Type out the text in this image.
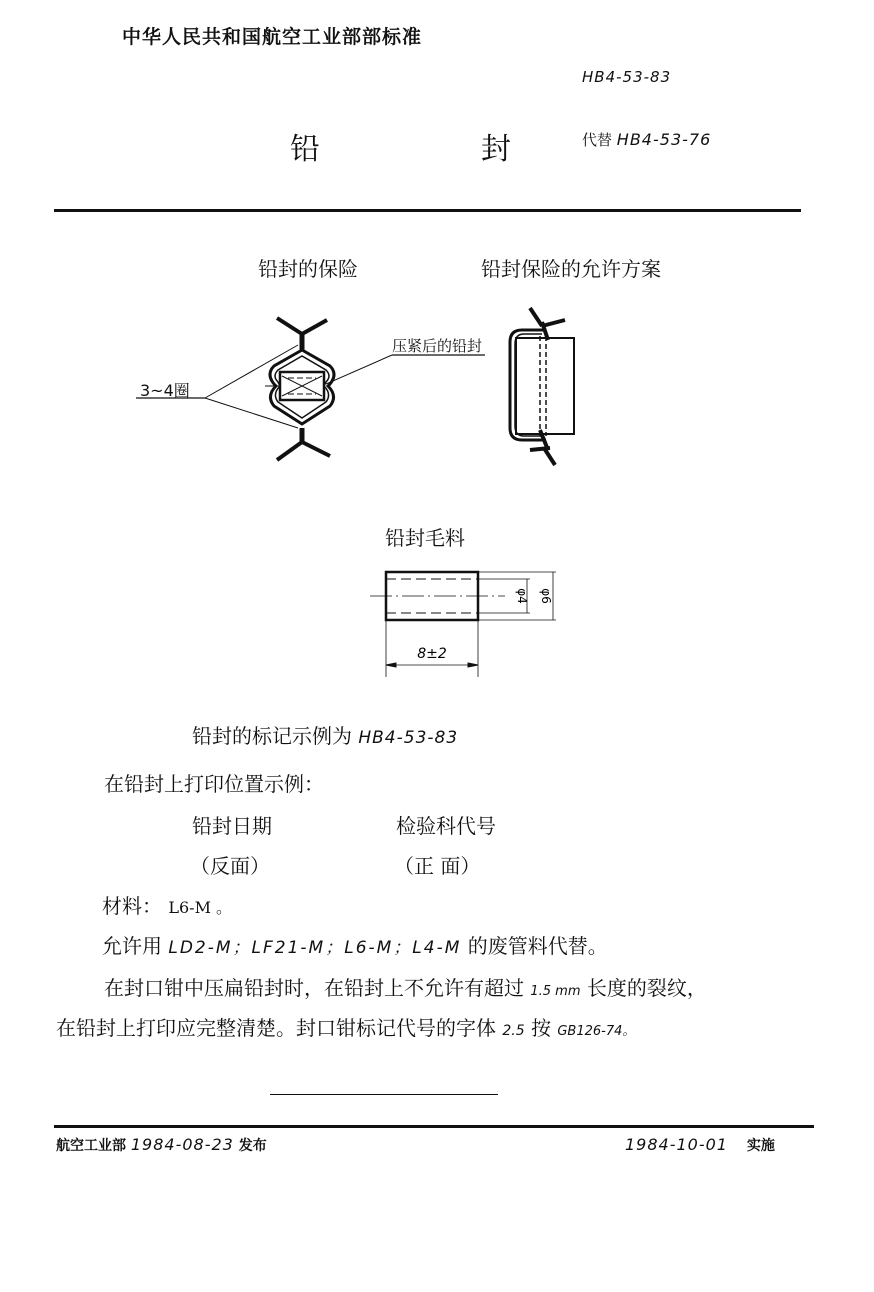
中华人民共和国航空工业部部标准
HB4-53-83
铅	封	代替 HB4-53-76
铅封的保险	铅封保险的允许方案
3~4圈
压紧后的铅封
铅封毛料
φ4 φ6
8±2
铅封的标记示例为 HB4-53-83
在铅封上打印位置示例：
铅封日期	检验科代号
（反面）	（正 面）
材料： L6-M 。
允许用 LD2-M；LF21-M；L6-M；L4-M 的废管料代替。
在封口钳中压扁铅封时，在铅封上不允许有超过 1.5 mm 长度的裂纹，
在铅封上打印应完整清楚。封口钳标记代号的字体 2.5 按 GB126-74。
航空工业部 1984-08-23 发布	1984-10-01 实施
